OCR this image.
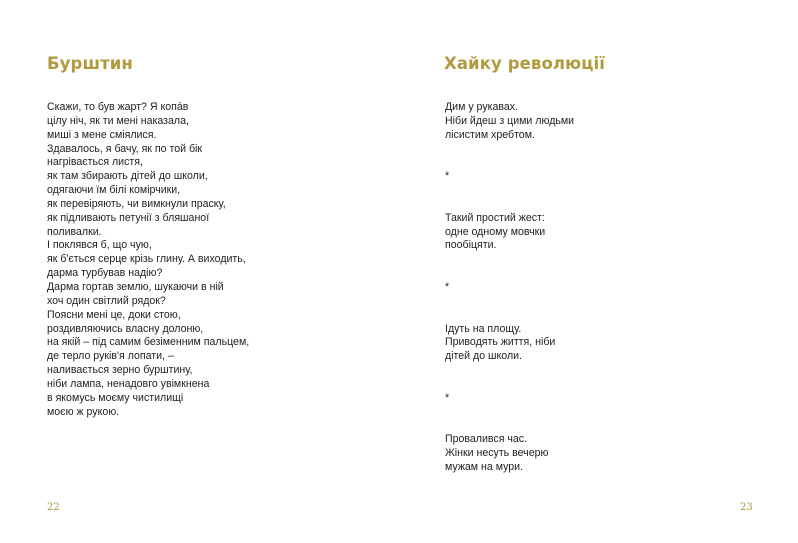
Бурштин
Скажи, то був жарт? Я копáв
цілу ніч, як ти мені наказала,
миші з мене сміялися.
Здавалось, я бачу, як по той бік
нагрівається листя,
як там збирають дітей до школи,
одягаючи їм білі комірчики,
як перевіряють, чи вимкнули праску,
як підливають петунії з бляшаної
поливалки.
І поклявся б, що чую,
як б'ється серце крізь глину. А виходить,
дарма турбував надію?
Дарма гортав землю, шукаючи в ній
хоч один світлий рядок?
Поясни мені це, доки стою,
роздивляючись власну долоню,
на якій – під самим безіменним пальцем,
де терло руків'я лопати, –
наливається зерно бурштину,
ніби лампа, ненадовго увімкнена
в якомусь моєму чистилищі
моєю ж рукою.
22
Хайку революції
Дим у рукавах.
Ніби йдеш з цими людьми
лісистим хребтом.
*
Такий простий жест:
одне одному мовчки
пообіцяти.
*
Ідуть на площу.
Приводять життя, ніби
дітей до школи.
*
Провалився час.
Жінки несуть вечерю
мужам на мури.
23
